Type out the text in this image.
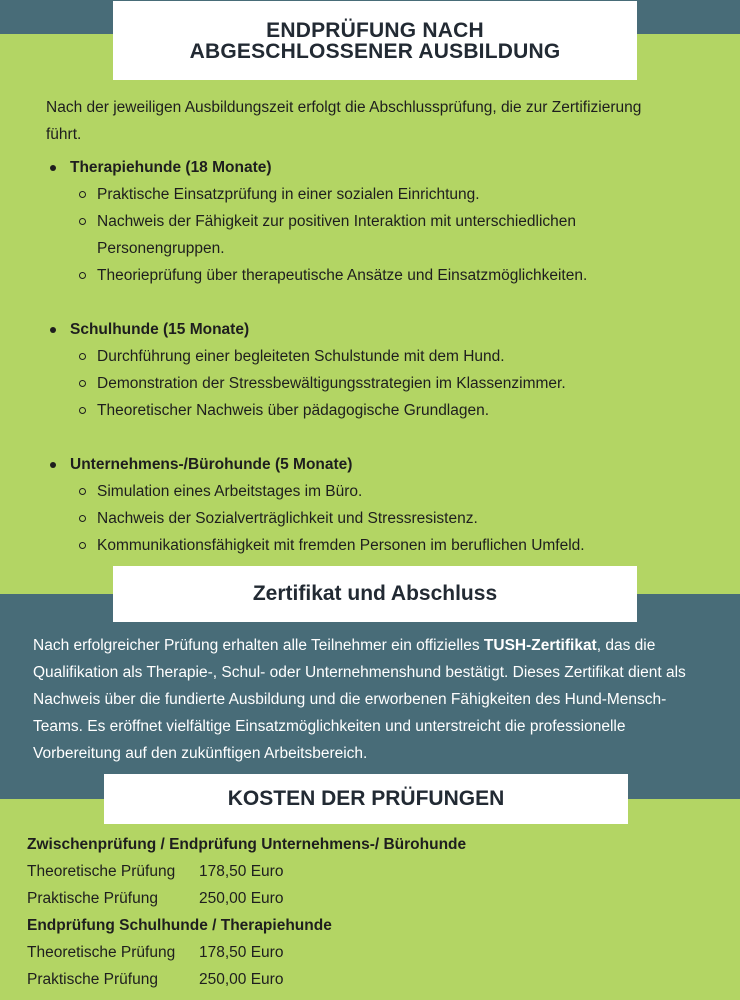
ENDPRÜFUNG NACH ABGESCHLOSSENER AUSBILDUNG

Nach der jeweiligen Ausbildungszeit erfolgt die Abschlussprüfung, die zur Zertifizierung führt.

Therapiehunde (18 Monate)
Praktische Einsatzprüfung in einer sozialen Einrichtung.
Nachweis der Fähigkeit zur positiven Interaktion mit unterschiedlichen Personengruppen.
Theorieprüfung über therapeutische Ansätze und Einsatzmöglichkeiten.
Schulhunde (15 Monate)
Durchführung einer begleiteten Schulstunde mit dem Hund.
Demonstration der Stressbewältigungsstrategien im Klassenzimmer.
Theoretischer Nachweis über pädagogische Grundlagen.
Unternehmens-/Bürohunde (5 Monate)
Simulation eines Arbeitstages im Büro.
Nachweis der Sozialverträglichkeit und Stressresistenz.
Kommunikationsfähigkeit mit fremden Personen im beruflichen Umfeld.
Zertifikat und Abschluss

Nach erfolgreicher Prüfung erhalten alle Teilnehmer ein offizielles TUSH-Zertifikat, das die Qualifikation als Therapie-, Schul- oder Unternehmenshund bestätigt. Dieses Zertifikat dient als Nachweis über die fundierte Ausbildung und die erworbenen Fähigkeiten des Hund-Mensch-Teams. Es eröffnet vielfältige Einsatzmöglichkeiten und unterstreicht die professionelle Vorbereitung auf den zukünftigen Arbeitsbereich.

KOSTEN DER PRÜFUNGEN
Zwischenprüfung / Endprüfung Unternehmens-/ Bürohunde
Theoretische Prüfung	178,50 Euro
Praktische Prüfung	250,00 Euro
Endprüfung Schulhunde / Therapiehunde
Theoretische Prüfung	178,50 Euro
Praktische Prüfung	250,00 Euro
